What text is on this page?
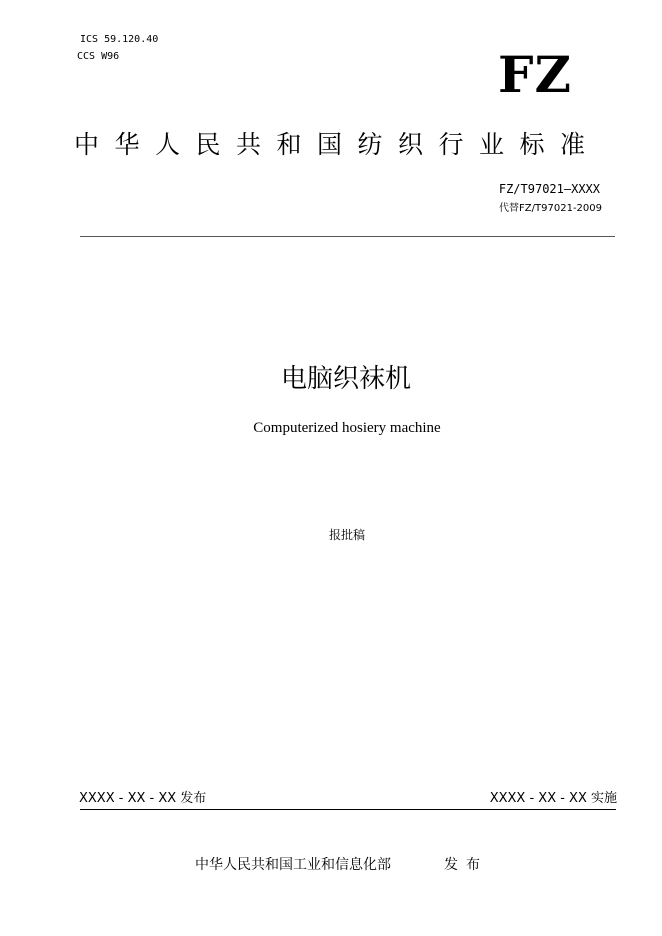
ICS 59.120.40
CCS W96	FZ
中华人民共和国纺织行业标准
FZ/T97021—XXXX
代替FZ/T97021-2009
电脑织袜机
Computerized hosiery machine
报批稿
XXXX - XX - XX 发布	XXXX - XX - XX 实施
中华人民共和国工业和信息化部	发布
